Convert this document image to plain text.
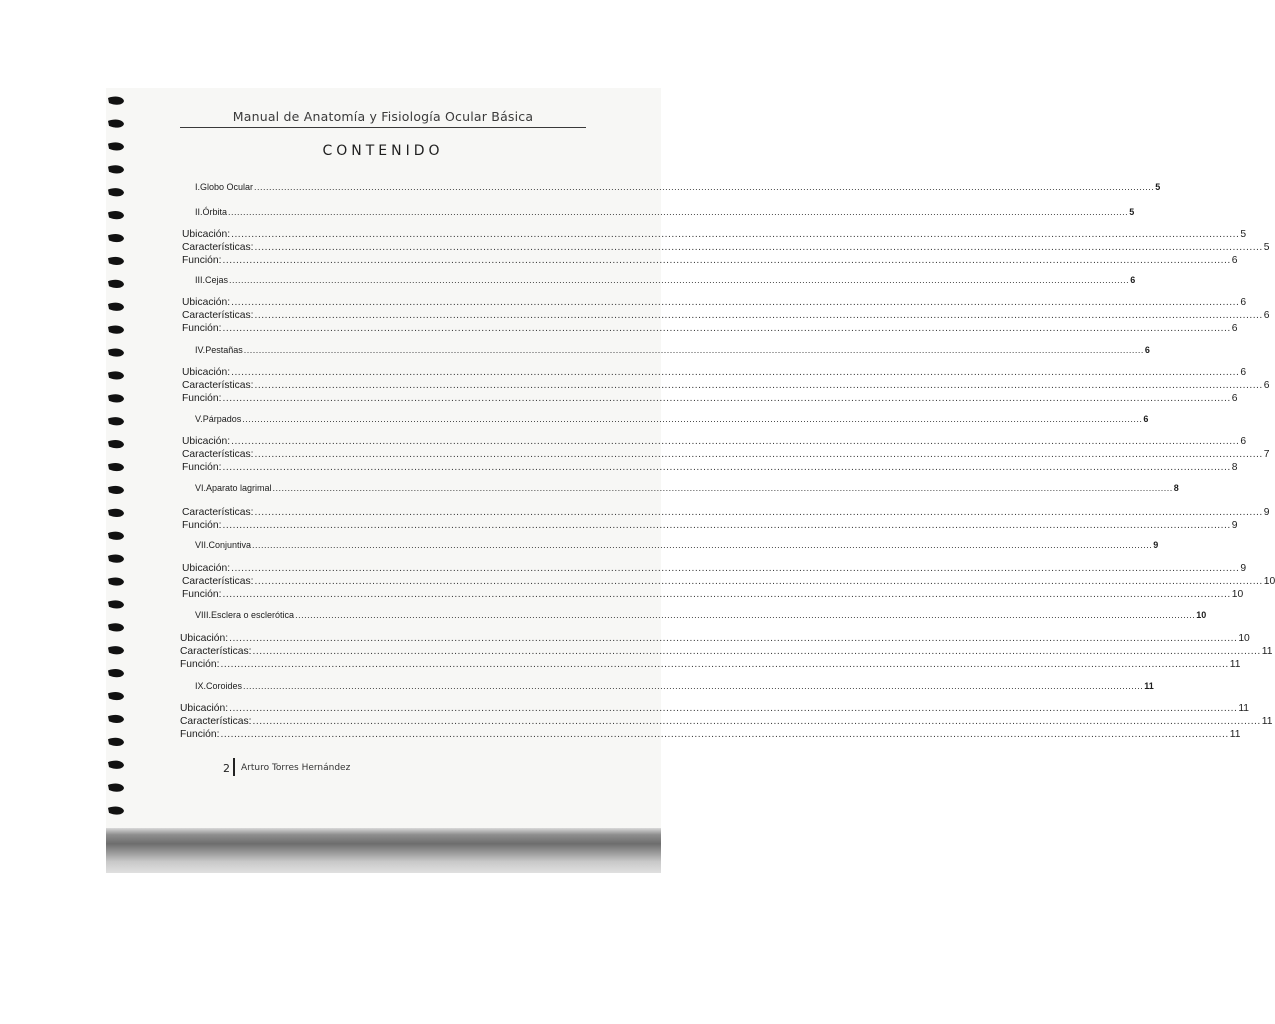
Manual de Anatomía y Fisiología Ocular Básica
CONTENIDO
I. Globo Ocular ............................................................................................................................................................................................................................................................................................................ 5
II. Órbita ............................................................................................................................................................................................................................................................................................................ 5
Ubicación: ............................................................................................................................................................................................................................................................................................................ 5
Características: ............................................................................................................................................................................................................................................................................................................ 5
Función: ............................................................................................................................................................................................................................................................................................................ 6
III. Cejas ............................................................................................................................................................................................................................................................................................................ 6
Ubicación: ............................................................................................................................................................................................................................................................................................................ 6
Características: ............................................................................................................................................................................................................................................................................................................ 6
Función: ............................................................................................................................................................................................................................................................................................................ 6
IV. Pestañas ............................................................................................................................................................................................................................................................................................................ 6
Ubicación: ............................................................................................................................................................................................................................................................................................................ 6
Características: ............................................................................................................................................................................................................................................................................................................ 6
Función: ............................................................................................................................................................................................................................................................................................................ 6
V. Párpados ............................................................................................................................................................................................................................................................................................................ 6
Ubicación: ............................................................................................................................................................................................................................................................................................................ 6
Características: ............................................................................................................................................................................................................................................................................................................ 7
Función: ............................................................................................................................................................................................................................................................................................................ 8
VI. Aparato lagrimal ............................................................................................................................................................................................................................................................................................................ 8
Características: ............................................................................................................................................................................................................................................................................................................ 9
Función: ............................................................................................................................................................................................................................................................................................................ 9
VII. Conjuntiva ............................................................................................................................................................................................................................................................................................................ 9
Ubicación: ............................................................................................................................................................................................................................................................................................................ 9
Características: ............................................................................................................................................................................................................................................................................................................ 10
Función: ............................................................................................................................................................................................................................................................................................................ 10
VIII. Esclera o esclerótica ............................................................................................................................................................................................................................................................................................................ 10
Ubicación: ............................................................................................................................................................................................................................................................................................................ 10
Características: ............................................................................................................................................................................................................................................................................................................ 11
Función: ............................................................................................................................................................................................................................................................................................................ 11
IX. Coroides ............................................................................................................................................................................................................................................................................................................ 11
Ubicación: ............................................................................................................................................................................................................................................................................................................ 11
Características: ............................................................................................................................................................................................................................................................................................................ 11
Función: ............................................................................................................................................................................................................................................................................................................ 11
2 Arturo Torres Hernández
